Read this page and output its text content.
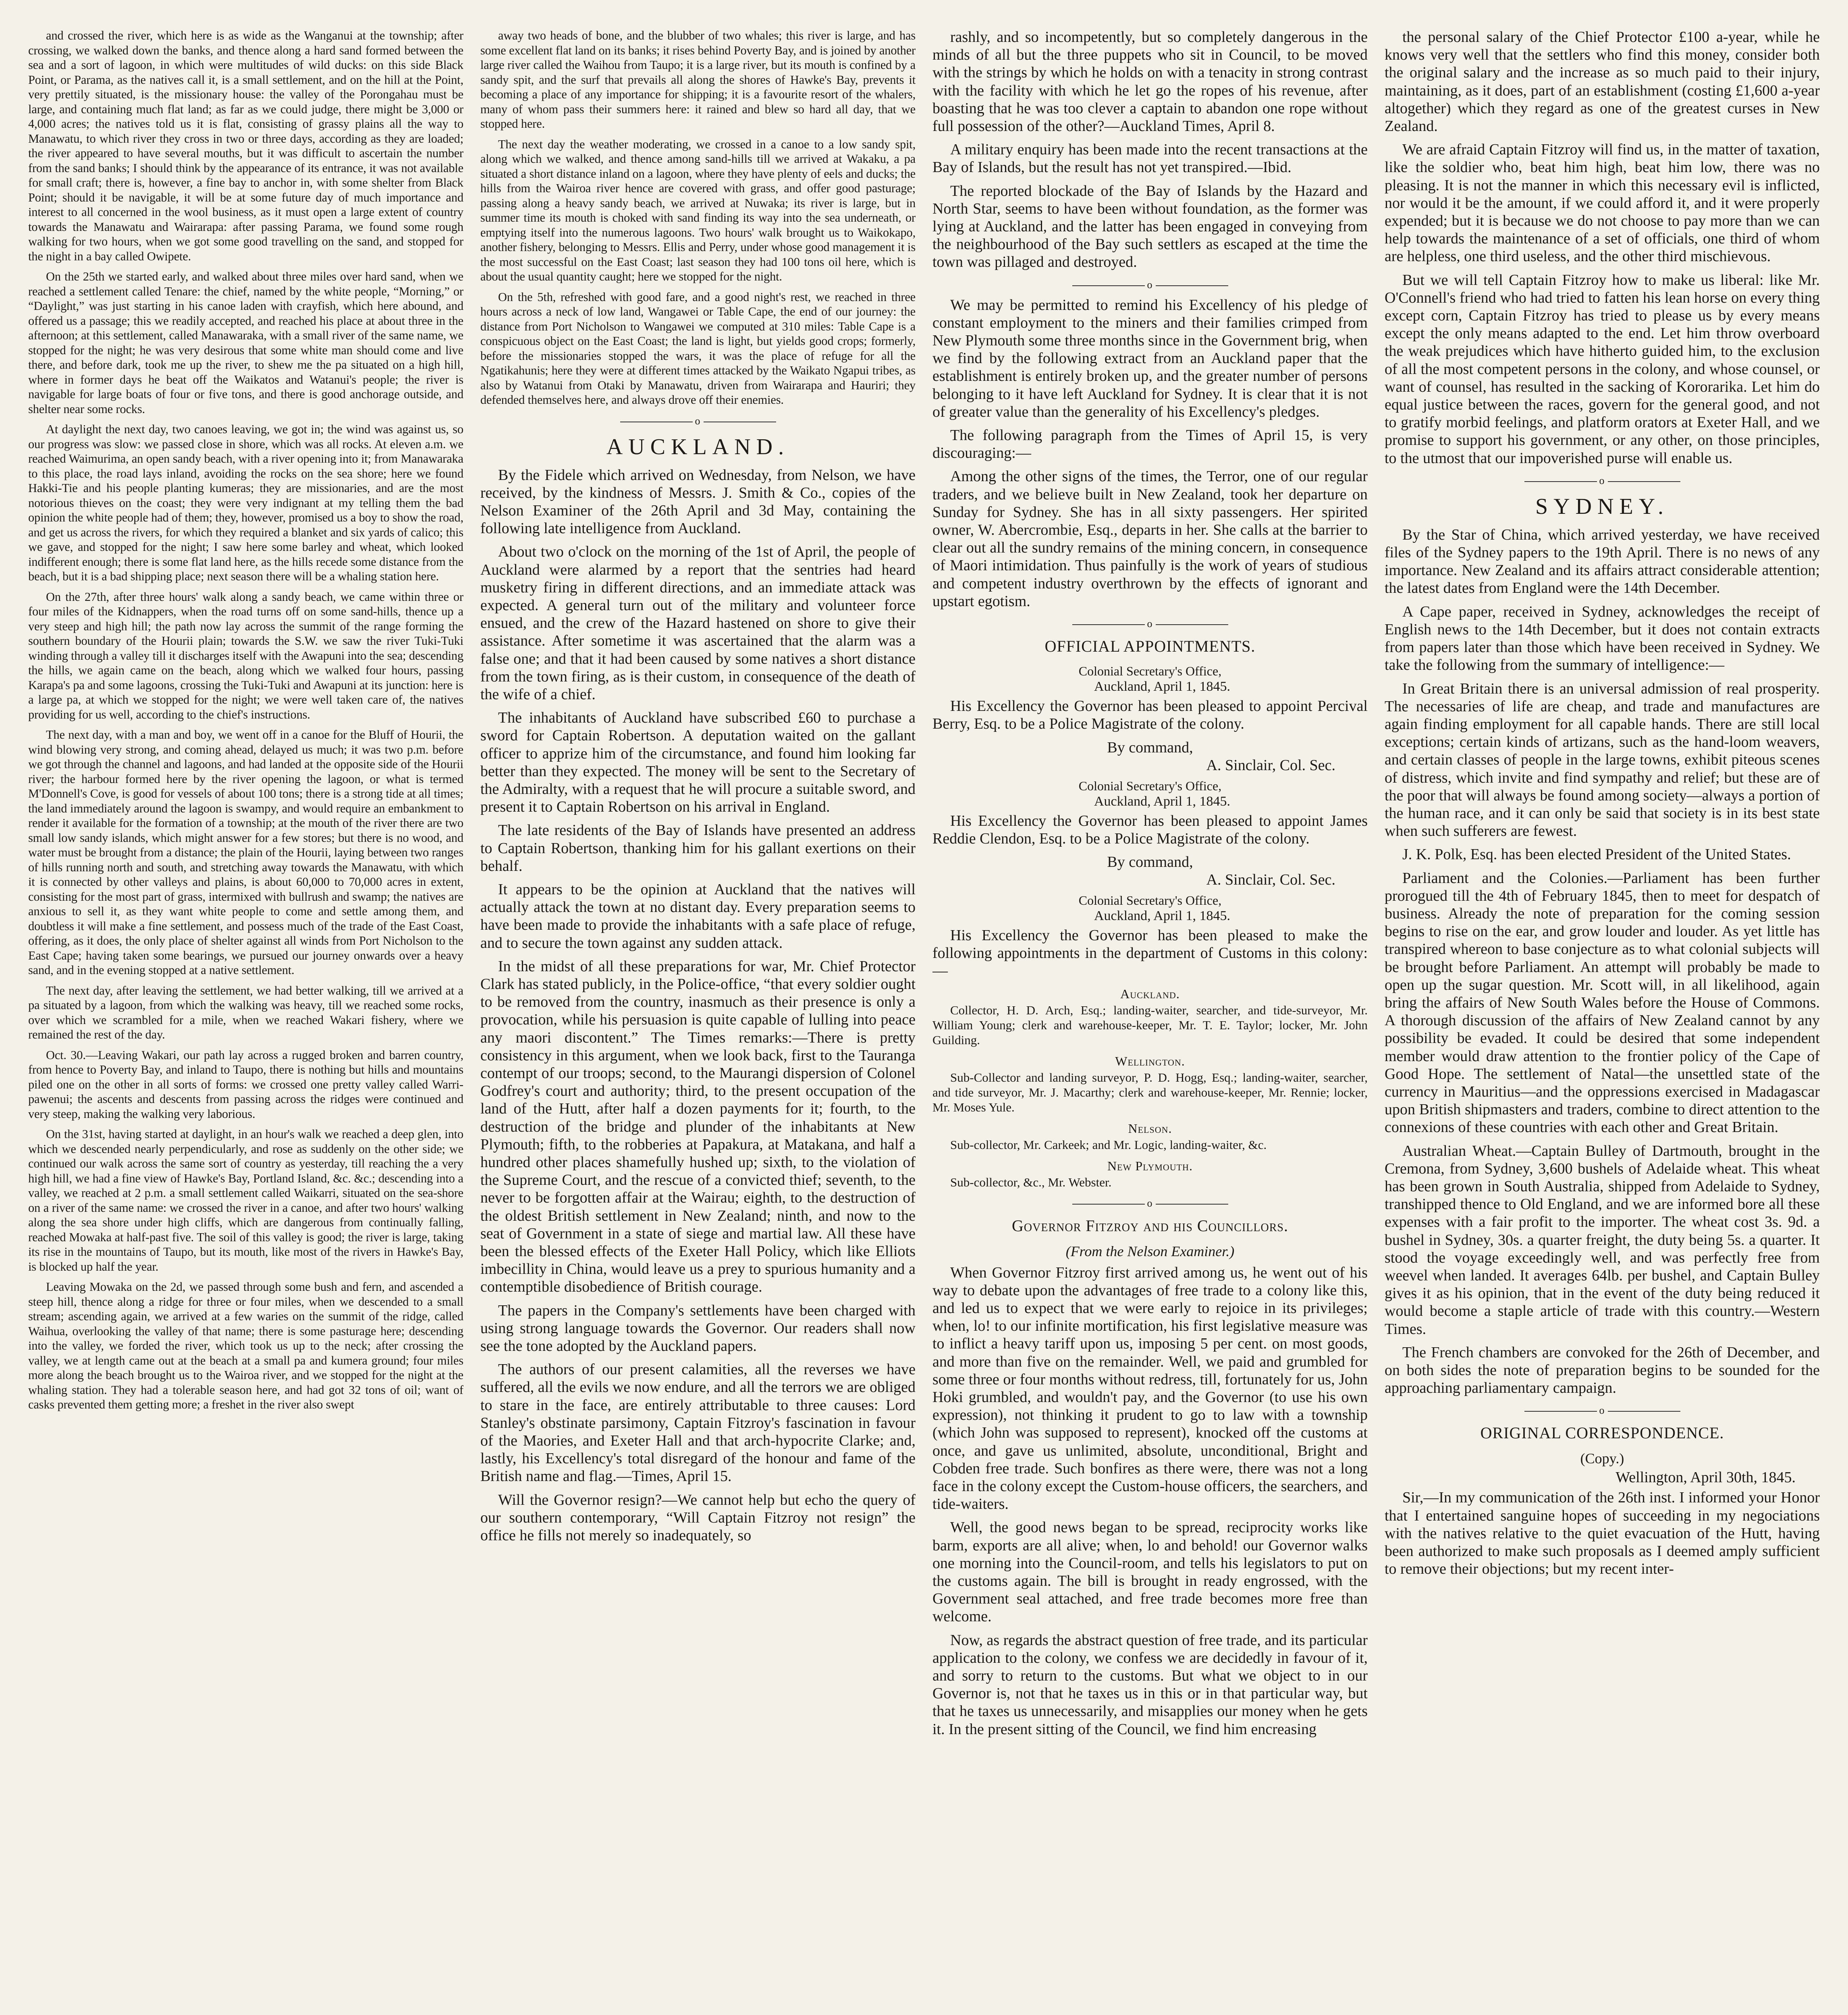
and crossed the river, which here is as wide as the Wanganui at the township; after crossing, we walked down the banks, and thence along a hard sand formed between the sea and a sort of lagoon, in which were multitudes of wild ducks: on this side Black Point, or Parama, as the natives call it, is a small settlement, and on the hill at the Point, very prettily situated, is the missionary house: the valley of the Porongahau must be large, and containing much flat land; as far as we could judge, there might be 3,000 or 4,000 acres; the natives told us it is flat, consisting of grassy plains all the way to Manawatu, to which river they cross in two or three days, according as they are loaded; the river appeared to have several mouths, but it was difficult to ascertain the number from the sand banks; I should think by the appearance of its entrance, it was not available for small craft; there is, however, a fine bay to anchor in, with some shelter from Black Point; should it be navigable, it will be at some future day of much importance and interest to all concerned in the wool business, as it must open a large extent of country towards the Manawatu and Wairarapa: after passing Parama, we found some rough walking for two hours, when we got some good travelling on the sand, and stopped for the night in a bay called Owipete.

On the 25th we started early, and walked about three miles over hard sand, when we reached a settlement called Tenare: the chief, named by the white people, “Morning,” or “Daylight,” was just starting in his canoe laden with crayfish, which here abound, and offered us a passage; this we readily accepted, and reached his place at about three in the afternoon; at this settlement, called Manawaraka, with a small river of the same name, we stopped for the night; he was very desirous that some white man should come and live there, and before dark, took me up the river, to shew me the pa situated on a high hill, where in former days he beat off the Waikatos and Watanui's people; the river is navigable for large boats of four or five tons, and there is good anchorage outside, and shelter near some rocks.

At daylight the next day, two canoes leaving, we got in; the wind was against us, so our progress was slow: we passed close in shore, which was all rocks. At eleven a.m. we reached Waimurima, an open sandy beach, with a river opening into it; from Manawaraka to this place, the road lays inland, avoiding the rocks on the sea shore; here we found Hakki-Tie and his people planting kumeras; they are missionaries, and are the most notorious thieves on the coast; they were very indignant at my telling them the bad opinion the white people had of them; they, however, promised us a boy to show the road, and get us across the rivers, for which they required a blanket and six yards of calico; this we gave, and stopped for the night; I saw here some barley and wheat, which looked indifferent enough; there is some flat land here, as the hills recede some distance from the beach, but it is a bad shipping place; next season there will be a whaling station here.

On the 27th, after three hours' walk along a sandy beach, we came within three or four miles of the Kidnappers, when the road turns off on some sand-hills, thence up a very steep and high hill; the path now lay across the summit of the range forming the southern boundary of the Hourii plain; towards the S.W. we saw the river Tuki-Tuki winding through a valley till it discharges itself with the Awapuni into the sea; descending the hills, we again came on the beach, along which we walked four hours, passing Karapa's pa and some lagoons, crossing the Tuki-Tuki and Awapuni at its junction: here is a large pa, at which we stopped for the night; we were well taken care of, the natives providing for us well, according to the chief's instructions.

The next day, with a man and boy, we went off in a canoe for the Bluff of Hourii, the wind blowing very strong, and coming ahead, delayed us much; it was two p.m. before we got through the channel and lagoons, and had landed at the opposite side of the Hourii river; the harbour formed here by the river opening the lagoon, or what is termed M'Donnell's Cove, is good for vessels of about 100 tons; there is a strong tide at all times; the land immediately around the lagoon is swampy, and would require an embankment to render it available for the formation of a township; at the mouth of the river there are two small low sandy islands, which might answer for a few stores; but there is no wood, and water must be brought from a distance; the plain of the Hourii, laying between two ranges of hills running north and south, and stretching away towards the Manawatu, with which it is connected by other valleys and plains, is about 60,000 to 70,000 acres in extent, consisting for the most part of grass, intermixed with bullrush and swamp; the natives are anxious to sell it, as they want white people to come and settle among them, and doubtless it will make a fine settlement, and possess much of the trade of the East Coast, offering, as it does, the only place of shelter against all winds from Port Nicholson to the East Cape; having taken some bearings, we pursued our journey onwards over a heavy sand, and in the evening stopped at a native settlement.

The next day, after leaving the settlement, we had better walking, till we arrived at a pa situated by a lagoon, from which the walking was heavy, till we reached some rocks, over which we scrambled for a mile, when we reached Wakari fishery, where we remained the rest of the day.

Oct. 30.—Leaving Wakari, our path lay across a rugged broken and barren country, from hence to Poverty Bay, and inland to Taupo, there is nothing but hills and mountains piled one on the other in all sorts of forms: we crossed one pretty valley called Warri-pawenui; the ascents and descents from passing across the ridges were continued and very steep, making the walking very laborious.

On the 31st, having started at daylight, in an hour's walk we reached a deep glen, into which we descended nearly perpendicularly, and rose as suddenly on the other side; we continued our walk across the same sort of country as yesterday, till reaching the a very high hill, we had a fine view of Hawke's Bay, Portland Island, &c. &c.; descending into a valley, we reached at 2 p.m. a small settlement called Waikarri, situated on the sea-shore on a river of the same name: we crossed the river in a canoe, and after two hours' walking along the sea shore under high cliffs, which are dangerous from continually falling, reached Mowaka at half-past five. The soil of this valley is good; the river is large, taking its rise in the mountains of Taupo, but its mouth, like most of the rivers in Hawke's Bay, is blocked up half the year.

Leaving Mowaka on the 2d, we passed through some bush and fern, and ascended a steep hill, thence along a ridge for three or four miles, when we descended to a small stream; ascending again, we arrived at a few waries on the summit of the ridge, called Waihua, overlooking the valley of that name; there is some pasturage here; descending into the valley, we forded the river, which took us up to the neck; after crossing the valley, we at length came out at the beach at a small pa and kumera ground; four miles more along the beach brought us to the Wairoa river, and we stopped for the night at the whaling station. They had a tolerable season here, and had got 32 tons of oil; want of casks prevented them getting more; a freshet in the river also swept

away two heads of bone, and the blubber of two whales; this river is large, and has some excellent flat land on its banks; it rises behind Poverty Bay, and is joined by another large river called the Waihou from Taupo; it is a large river, but its mouth is confined by a sandy spit, and the surf that prevails all along the shores of Hawke's Bay, prevents it becoming a place of any importance for shipping; it is a favourite resort of the whalers, many of whom pass their summers here: it rained and blew so hard all day, that we stopped here.

The next day the weather moderating, we crossed in a canoe to a low sandy spit, along which we walked, and thence among sand-hills till we arrived at Wakaku, a pa situated a short distance inland on a lagoon, where they have plenty of eels and ducks; the hills from the Wairoa river hence are covered with grass, and offer good pasturage; passing along a heavy sandy beach, we arrived at Nuwaka; its river is large, but in summer time its mouth is choked with sand finding its way into the sea underneath, or emptying itself into the numerous lagoons. Two hours' walk brought us to Waikokapo, another fishery, belonging to Messrs. Ellis and Perry, under whose good management it is the most successful on the East Coast; last season they had 100 tons oil here, which is about the usual quantity caught; here we stopped for the night.

On the 5th, refreshed with good fare, and a good night's rest, we reached in three hours across a neck of low land, Wangawei or Table Cape, the end of our journey: the distance from Port Nicholson to Wangawei we computed at 310 miles: Table Cape is a conspicuous object on the East Coast; the land is light, but yields good crops; formerly, before the missionaries stopped the wars, it was the place of refuge for all the Ngatikahunis; here they were at different times attacked by the Waikato Ngapui tribes, as also by Watanui from Otaki by Manawatu, driven from Wairarapa and Hauriri; they defended themselves here, and always drove off their enemies.

o
AUCKLAND.

By the Fidele which arrived on Wednesday, from Nelson, we have received, by the kindness of Messrs. J. Smith & Co., copies of the Nelson Examiner of the 26th April and 3d May, containing the following late intelligence from Auckland.

About two o'clock on the morning of the 1st of April, the people of Auckland were alarmed by a report that the sentries had heard musketry firing in different directions, and an immediate attack was expected. A general turn out of the military and volunteer force ensued, and the crew of the Hazard hastened on shore to give their assistance. After sometime it was ascertained that the alarm was a false one; and that it had been caused by some natives a short distance from the town firing, as is their custom, in consequence of the death of the wife of a chief.

The inhabitants of Auckland have subscribed £60 to purchase a sword for Captain Robertson. A deputation waited on the gallant officer to apprize him of the circumstance, and found him looking far better than they expected. The money will be sent to the Secretary of the Admiralty, with a request that he will procure a suitable sword, and present it to Captain Robertson on his arrival in England.

The late residents of the Bay of Islands have presented an address to Captain Robertson, thanking him for his gallant exertions on their behalf.

It appears to be the opinion at Auckland that the natives will actually attack the town at no distant day. Every preparation seems to have been made to provide the inhabitants with a safe place of refuge, and to secure the town against any sudden attack.

In the midst of all these preparations for war, Mr. Chief Protector Clark has stated publicly, in the Police-office, “that every soldier ought to be removed from the country, inasmuch as their presence is only a provocation, while his persuasion is quite capable of lulling into peace any maori discontent.” The Times remarks:—There is pretty consistency in this argument, when we look back, first to the Tauranga contempt of our troops; second, to the Maurangi dispersion of Colonel Godfrey's court and authority; third, to the present occupation of the land of the Hutt, after half a dozen payments for it; fourth, to the destruction of the bridge and plunder of the inhabitants at New Plymouth; fifth, to the robberies at Papakura, at Matakana, and half a hundred other places shamefully hushed up; sixth, to the violation of the Supreme Court, and the rescue of a convicted thief; seventh, to the never to be forgotten affair at the Wairau; eighth, to the destruction of the oldest British settlement in New Zealand; ninth, and now to the seat of Government in a state of siege and martial law. All these have been the blessed effects of the Exeter Hall Policy, which like Elliots imbecillity in China, would leave us a prey to spurious humanity and a contemptible disobedience of British courage.

The papers in the Company's settlements have been charged with using strong language towards the Governor. Our readers shall now see the tone adopted by the Auckland papers.

The authors of our present calamities, all the reverses we have suffered, all the evils we now endure, and all the terrors we are obliged to stare in the face, are entirely attributable to three causes: Lord Stanley's obstinate parsimony, Captain Fitzroy's fascination in favour of the Maories, and Exeter Hall and that arch-hypocrite Clarke; and, lastly, his Excellency's total disregard of the honour and fame of the British name and flag.—Times, April 15.

Will the Governor resign?—We cannot help but echo the query of our southern contemporary, “Will Captain Fitzroy not resign” the office he fills not merely so inadequately, so

rashly, and so incompetently, but so completely dangerous in the minds of all but the three puppets who sit in Council, to be moved with the strings by which he holds on with a tenacity in strong contrast with the facility with which he let go the ropes of his revenue, after boasting that he was too clever a captain to abandon one rope without full possession of the other?—Auckland Times, April 8.

A military enquiry has been made into the recent transactions at the Bay of Islands, but the result has not yet transpired.—Ibid.

The reported blockade of the Bay of Islands by the Hazard and North Star, seems to have been without foundation, as the former was lying at Auckland, and the latter has been engaged in conveying from the neighbourhood of the Bay such settlers as escaped at the time the town was pillaged and destroyed.

o

We may be permitted to remind his Excellency of his pledge of constant employment to the miners and their families crimped from New Plymouth some three months since in the Government brig, when we find by the following extract from an Auckland paper that the establishment is entirely broken up, and the greater number of persons belonging to it have left Auckland for Sydney. It is clear that it is not of greater value than the generality of his Excellency's pledges.

The following paragraph from the Times of April 15, is very discouraging:—

Among the other signs of the times, the Terror, one of our regular traders, and we believe built in New Zealand, took her departure on Sunday for Sydney. She has in all sixty passengers. Her spirited owner, W. Abercrombie, Esq., departs in her. She calls at the barrier to clear out all the sundry remains of the mining concern, in consequence of Maori intimidation. Thus painfully is the work of years of studious and competent industry overthrown by the effects of ignorant and upstart egotism.

o
OFFICIAL APPOINTMENTS.
Colonial Secretary's Office,
Auckland, April 1, 1845.

His Excellency the Governor has been pleased to appoint Percival Berry, Esq. to be a Police Magistrate of the colony.

By command,
A. Sinclair, Col. Sec.
Colonial Secretary's Office,
Auckland, April 1, 1845.

His Excellency the Governor has been pleased to appoint James Reddie Clendon, Esq. to be a Police Magistrate of the colony.

By command,
A. Sinclair, Col. Sec.
Colonial Secretary's Office,
Auckland, April 1, 1845.

His Excellency the Governor has been pleased to make the following appointments in the department of Customs in this colony:—

Auckland.

Collector, H. D. Arch, Esq.; landing-waiter, searcher, and tide-surveyor, Mr. William Young; clerk and warehouse-keeper, Mr. T. E. Taylor; locker, Mr. John Guilding.

Wellington.

Sub-Collector and landing surveyor, P. D. Hogg, Esq.; landing-waiter, searcher, and tide surveyor, Mr. J. Macarthy; clerk and warehouse-keeper, Mr. Rennie; locker, Mr. Moses Yule.

Nelson.

Sub-collector, Mr. Carkeek; and Mr. Logic, landing-waiter, &c.

New Plymouth.

Sub-collector, &c., Mr. Webster.

o
Governor Fitzroy and his Councillors.
(From the Nelson Examiner.)

When Governor Fitzroy first arrived among us, he went out of his way to debate upon the advantages of free trade to a colony like this, and led us to expect that we were early to rejoice in its privileges; when, lo! to our infinite mortification, his first legislative measure was to inflict a heavy tariff upon us, imposing 5 per cent. on most goods, and more than five on the remainder. Well, we paid and grumbled for some three or four months without redress, till, fortunately for us, John Hoki grumbled, and wouldn't pay, and the Governor (to use his own expression), not thinking it prudent to go to law with a township (which John was supposed to represent), knocked off the customs at once, and gave us unlimited, absolute, unconditional, Bright and Cobden free trade. Such bonfires as there were, there was not a long face in the colony except the Custom-house officers, the searchers, and tide-waiters.

Well, the good news began to be spread, reciprocity works like barm, exports are all alive; when, lo and behold! our Governor walks one morning into the Council-room, and tells his legislators to put on the customs again. The bill is brought in ready engrossed, with the Government seal attached, and free trade becomes more free than welcome.

Now, as regards the abstract question of free trade, and its particular application to the colony, we confess we are decidedly in favour of it, and sorry to return to the customs. But what we object to in our Governor is, not that he taxes us in this or in that particular way, but that he taxes us unnecessarily, and misapplies our money when he gets it. In the present sitting of the Council, we find him encreasing

the personal salary of the Chief Protector £100 a-year, while he knows very well that the settlers who find this money, consider both the original salary and the increase as so much paid to their injury, maintaining, as it does, part of an establishment (costing £1,600 a-year altogether) which they regard as one of the greatest curses in New Zealand.

We are afraid Captain Fitzroy will find us, in the matter of taxation, like the soldier who, beat him high, beat him low, there was no pleasing. It is not the manner in which this necessary evil is inflicted, nor would it be the amount, if we could afford it, and it were properly expended; but it is because we do not choose to pay more than we can help towards the maintenance of a set of officials, one third of whom are helpless, one third useless, and the other third mischievous.

But we will tell Captain Fitzroy how to make us liberal: like Mr. O'Connell's friend who had tried to fatten his lean horse on every thing except corn, Captain Fitzroy has tried to please us by every means except the only means adapted to the end. Let him throw overboard the weak prejudices which have hitherto guided him, to the exclusion of all the most competent persons in the colony, and whose counsel, or want of counsel, has resulted in the sacking of Kororarika. Let him do equal justice between the races, govern for the general good, and not to gratify morbid feelings, and platform orators at Exeter Hall, and we promise to support his government, or any other, on those principles, to the utmost that our impoverished purse will enable us.

o
SYDNEY.

By the Star of China, which arrived yesterday, we have received files of the Sydney papers to the 19th April. There is no news of any importance. New Zealand and its affairs attract considerable attention; the latest dates from England were the 14th December.

A Cape paper, received in Sydney, acknowledges the receipt of English news to the 14th December, but it does not contain extracts from papers later than those which have been received in Sydney. We take the following from the summary of intelligence:—

In Great Britain there is an universal admission of real prosperity. The necessaries of life are cheap, and trade and manufactures are again finding employment for all capable hands. There are still local exceptions; certain kinds of artizans, such as the hand-loom weavers, and certain classes of people in the large towns, exhibit piteous scenes of distress, which invite and find sympathy and relief; but these are of the poor that will always be found among society—always a portion of the human race, and it can only be said that society is in its best state when such sufferers are fewest.

J. K. Polk, Esq. has been elected President of the United States.

Parliament and the Colonies.—Parliament has been further prorogued till the 4th of February 1845, then to meet for despatch of business. Already the note of preparation for the coming session begins to rise on the ear, and grow louder and louder. As yet little has transpired whereon to base conjecture as to what colonial subjects will be brought before Parliament. An attempt will probably be made to open up the sugar question. Mr. Scott will, in all likelihood, again bring the affairs of New South Wales before the House of Commons. A thorough discussion of the affairs of New Zealand cannot by any possibility be evaded. It could be desired that some independent member would draw attention to the frontier policy of the Cape of Good Hope. The settlement of Natal—the unsettled state of the currency in Mauritius—and the oppressions exercised in Madagascar upon British shipmasters and traders, combine to direct attention to the connexions of these countries with each other and Great Britain.

Australian Wheat.—Captain Bulley of Dartmouth, brought in the Cremona, from Sydney, 3,600 bushels of Adelaide wheat. This wheat has been grown in South Australia, shipped from Adelaide to Sydney, transhipped thence to Old England, and we are informed bore all these expenses with a fair profit to the importer. The wheat cost 3s. 9d. a bushel in Sydney, 30s. a quarter freight, the duty being 5s. a quarter. It stood the voyage exceedingly well, and was perfectly free from weevel when landed. It averages 64lb. per bushel, and Captain Bulley gives it as his opinion, that in the event of the duty being reduced it would become a staple article of trade with this country.—Western Times.

The French chambers are convoked for the 26th of December, and on both sides the note of preparation begins to be sounded for the approaching parliamentary campaign.

o
ORIGINAL CORRESPONDENCE.
(Copy.)
Wellington, April 30th, 1845.

Sir,—In my communication of the 26th inst. I informed your Honor that I entertained sanguine hopes of succeeding in my negociations with the natives relative to the quiet evacuation of the Hutt, having been authorized to make such proposals as I deemed amply sufficient to remove their objections; but my recent inter-
